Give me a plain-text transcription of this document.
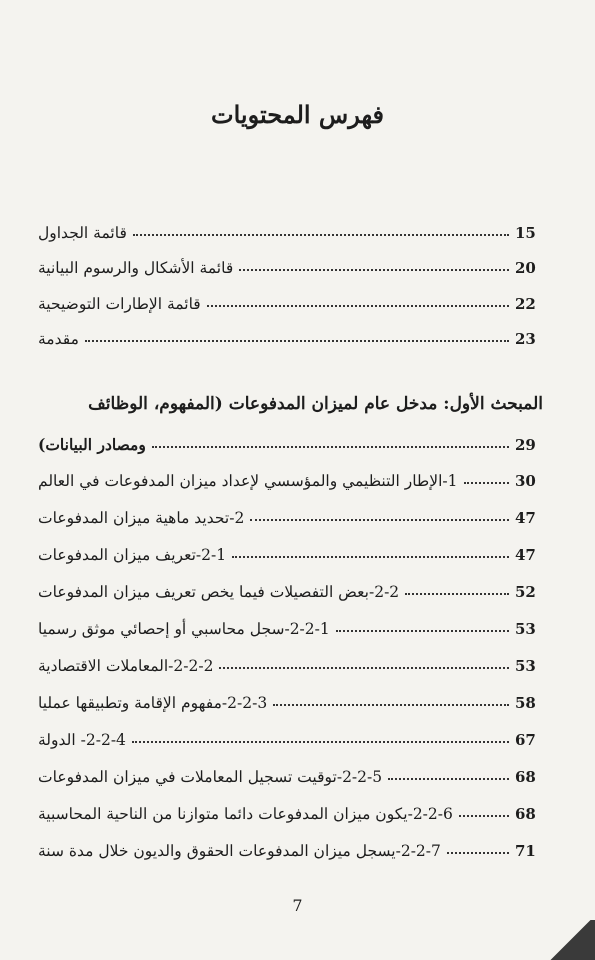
فهرس المحتويات
قائمة الجداول	15
قائمة الأشكال والرسوم البيانية	20
قائمة الإطارات التوضيحية	22
مقدمة	23
المبحث الأول: مدخل عام لميزان المدفوعات (المفهوم، الوظائف
ومصادر البيانات)	29
1-الإطار التنظيمي والمؤسسي لإعداد ميزان المدفوعات في العالم	30
2-تحديد ماهية ميزان المدفوعات	47
2-1-تعريف ميزان المدفوعات	47
2-2-بعض التفصيلات فيما يخص تعريف ميزان المدفوعات	52
2-2-1-سجل محاسبي أو إحصائي موثق رسميا	53
2-2-2-المعاملات الاقتصادية	53
2-2-3-مفهوم الإقامة وتطبيقها عمليا	58
2-2-4- الدولة	67
2-2-5-توقيت تسجيل المعاملات في ميزان المدفوعات	68
2-2-6-يكون ميزان المدفوعات دائما متوازنا من الناحية المحاسبية	68
2-2-7-يسجل ميزان المدفوعات الحقوق والديون خلال مدة سنة	71
7
